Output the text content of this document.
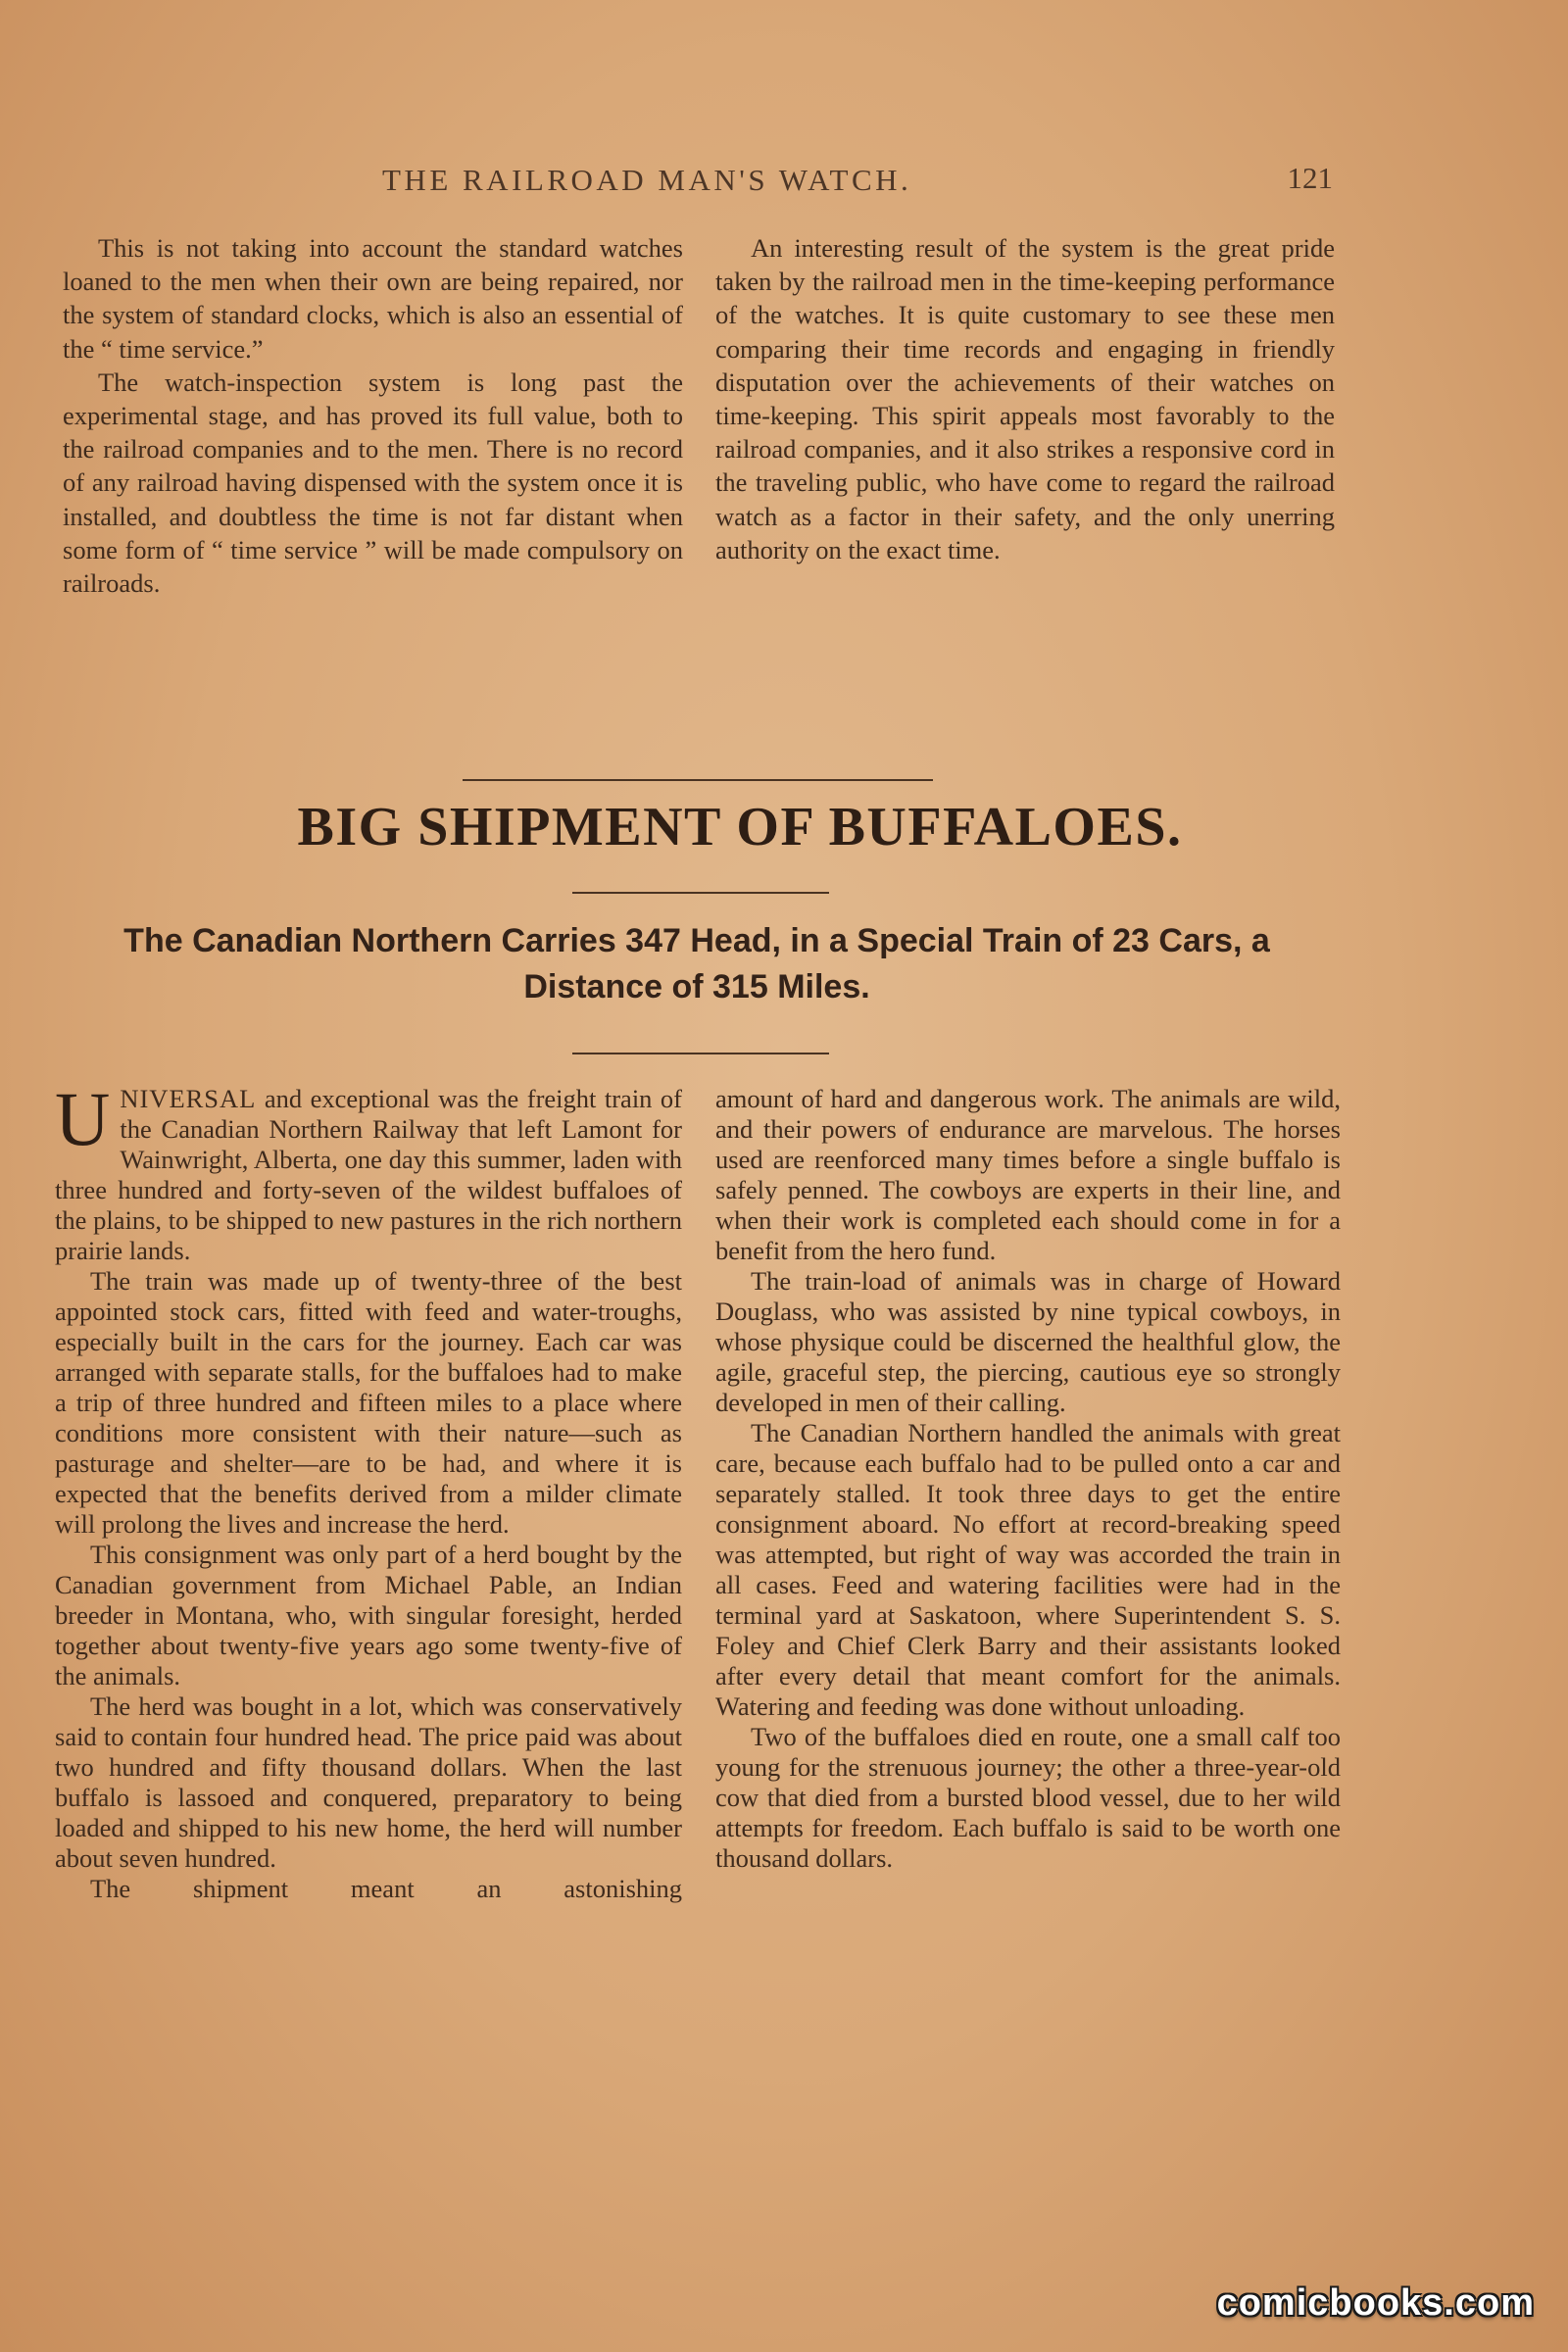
THE RAILROAD MAN'S WATCH.	121

This is not taking into account the standard watches loaned to the men when their own are being repaired, nor the system of standard clocks, which is also an essential of the “ time service.”

The watch-inspection system is long past the experimental stage, and has proved its full value, both to the railroad companies and to the men. There is no record of any railroad having dispensed with the system once it is installed, and doubtless the time is not far distant when some form of “ time service ” will be made compulsory on railroads.

An interesting result of the system is the great pride taken by the railroad men in the time-keeping performance of the watches. It is quite customary to see these men comparing their time records and engaging in friendly disputation over the achievements of their watches on time-keeping. This spirit appeals most favorably to the railroad companies, and it also strikes a responsive cord in the traveling public, who have come to regard the railroad watch as a factor in their safety, and the only unerring authority on the exact time.

BIG SHIPMENT OF BUFFALOES.
The Canadian Northern Carries 347 Head, in a Special Train of 23 Cars, a Distance of 315 Miles.

UNIVERSAL and exceptional was the freight train of the Canadian Northern Railway that left Lamont for Wainwright, Alberta, one day this summer, laden with three hundred and forty-seven of the wildest buffaloes of the plains, to be shipped to new pastures in the rich northern prairie lands.

The train was made up of twenty-three of the best appointed stock cars, fitted with feed and water-troughs, especially built in the cars for the journey. Each car was arranged with separate stalls, for the buffaloes had to make a trip of three hundred and fifteen miles to a place where conditions more consistent with their nature—such as pasturage and shelter—are to be had, and where it is expected that the benefits derived from a milder climate will prolong the lives and increase the herd.

This consignment was only part of a herd bought by the Canadian government from Michael Pable, an Indian breeder in Montana, who, with singular foresight, herded together about twenty-five years ago some twenty-five of the animals.

The herd was bought in a lot, which was conservatively said to contain four hundred head. The price paid was about two hundred and fifty thousand dollars. When the last buffalo is lassoed and conquered, preparatory to being loaded and shipped to his new home, the herd will number about seven hundred.

The shipment meant an astonishing

amount of hard and dangerous work. The animals are wild, and their powers of endurance are marvelous. The horses used are reenforced many times before a single buffalo is safely penned. The cowboys are experts in their line, and when their work is completed each should come in for a benefit from the hero fund.

The train-load of animals was in charge of Howard Douglass, who was assisted by nine typical cowboys, in whose physique could be discerned the healthful glow, the agile, graceful step, the piercing, cautious eye so strongly developed in men of their calling.

The Canadian Northern handled the animals with great care, because each buffalo had to be pulled onto a car and separately stalled. It took three days to get the entire consignment aboard. No effort at record-breaking speed was attempted, but right of way was accorded the train in all cases. Feed and watering facilities were had in the terminal yard at Saskatoon, where Superintendent S. S. Foley and Chief Clerk Barry and their assistants looked after every detail that meant comfort for the animals. Watering and feeding was done without unloading.

Two of the buffaloes died en route, one a small calf too young for the strenuous journey; the other a three-year-old cow that died from a bursted blood vessel, due to her wild attempts for freedom. Each buffalo is said to be worth one thousand dollars.

comicbooks.com
